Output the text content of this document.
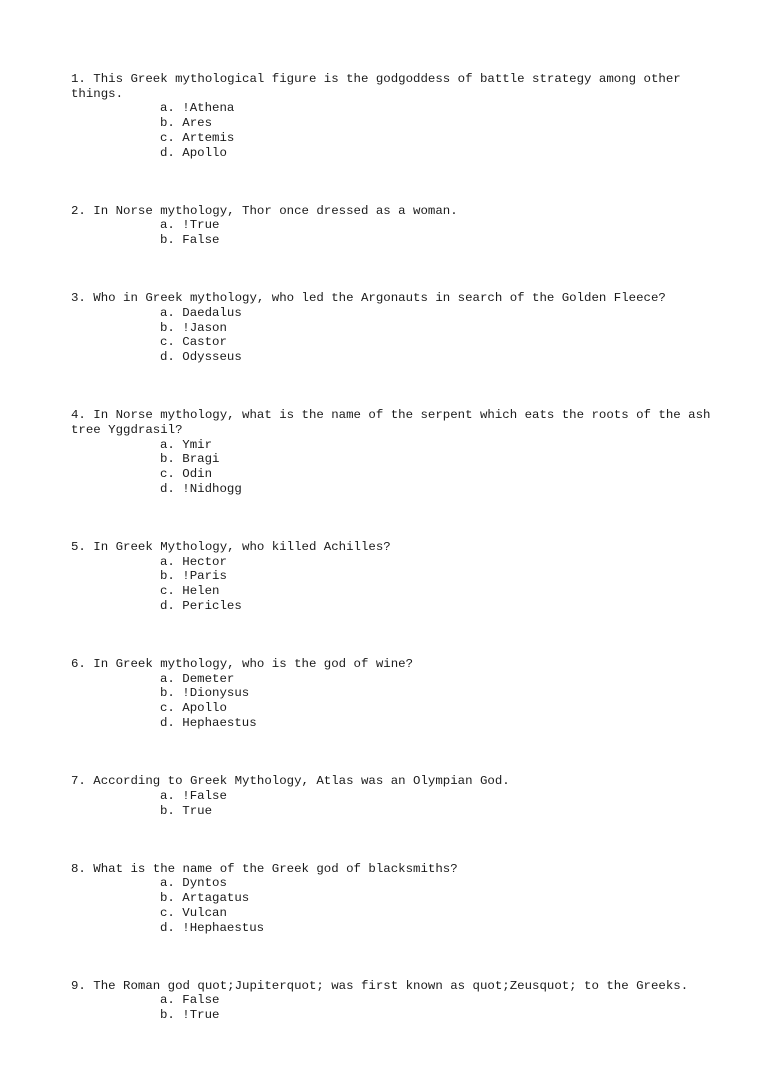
1. This Greek mythological figure is the godgoddess of battle strategy among other things.

a. !Athena
b. Ares
c. Artemis
d. Apollo

2. In Norse mythology, Thor once dressed as a woman.

a. !True
b. False

3. Who in Greek mythology, who led the Argonauts in search of the Golden Fleece?

a. Daedalus
b. !Jason
c. Castor
d. Odysseus

4. In Norse mythology, what is the name of the serpent which eats the roots of the ash tree Yggdrasil?

a. Ymir
b. Bragi
c. Odin
d. !Nidhogg

5. In Greek Mythology, who killed Achilles?

a. Hector
b. !Paris
c. Helen
d. Pericles

6. In Greek mythology, who is the god of wine?

a. Demeter
b. !Dionysus
c. Apollo
d. Hephaestus

7. According to Greek Mythology, Atlas was an Olympian God.

a. !False
b. True

8. What is the name of the Greek god of blacksmiths?

a. Dyntos
b. Artagatus
c. Vulcan
d. !Hephaestus

9. The Roman god quot;Jupiterquot; was first known as quot;Zeusquot; to the Greeks.

a. False
b. !True
